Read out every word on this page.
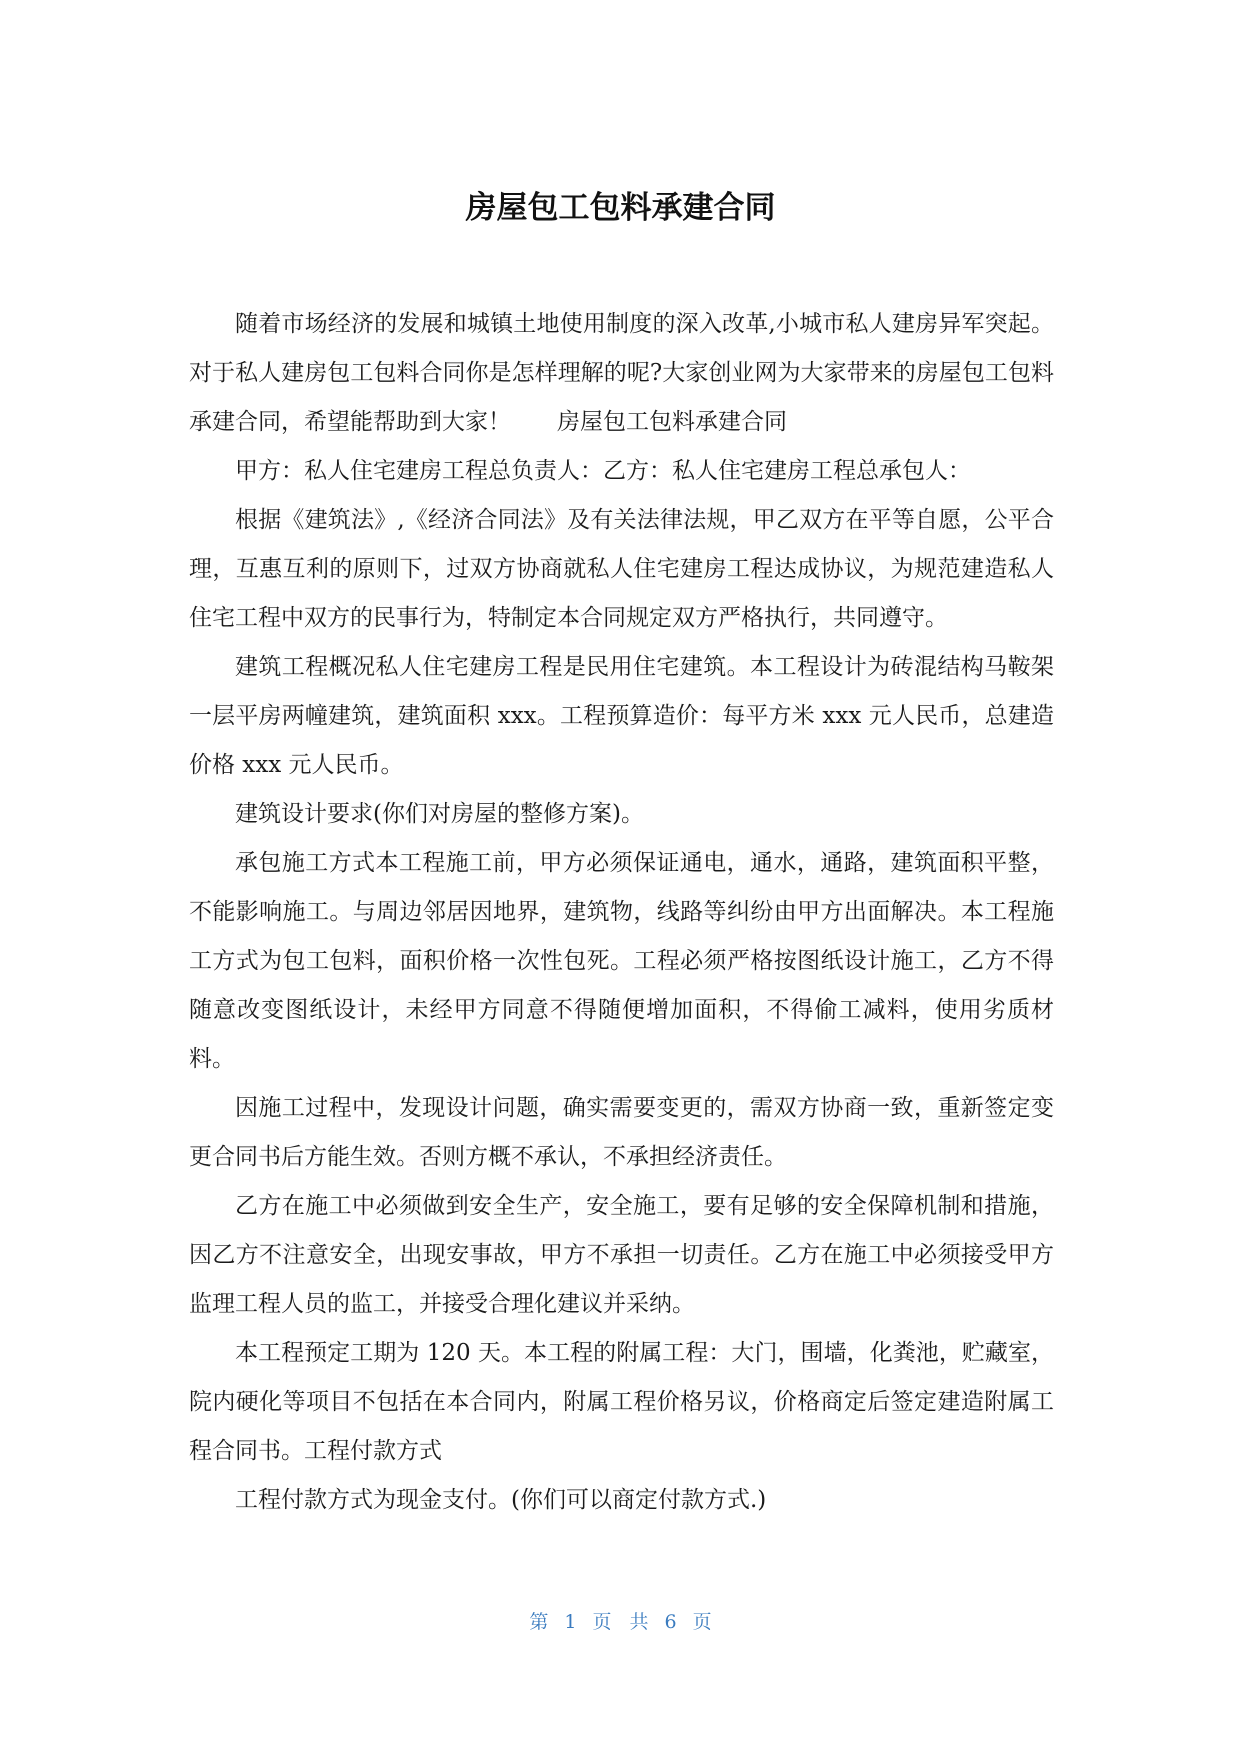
房屋包工包料承建合同

随着市场经济的发展和城镇土地使用制度的深入改革,小城市私人建房异军突起。对于私人建房包工包料合同你是怎样理解的呢?大家创业网为大家带来的房屋包工包料承建合同，希望能帮助到大家！　　房屋包工包料承建合同

甲方：私人住宅建房工程总负责人：乙方：私人住宅建房工程总承包人：

根据《建筑法》,《经济合同法》及有关法律法规，甲乙双方在平等自愿，公平合理，互惠互利的原则下，过双方协商就私人住宅建房工程达成协议，为规范建造私人住宅工程中双方的民事行为，特制定本合同规定双方严格执行，共同遵守。

建筑工程概况私人住宅建房工程是民用住宅建筑。本工程设计为砖混结构马鞍架一层平房两幢建筑，建筑面积 xxx。工程预算造价：每平方米 xxx 元人民币，总建造价格 xxx 元人民币。

建筑设计要求(你们对房屋的整修方案)。

承包施工方式本工程施工前，甲方必须保证通电，通水，通路，建筑面积平整，不能影响施工。与周边邻居因地界，建筑物，线路等纠纷由甲方出面解决。本工程施工方式为包工包料，面积价格一次性包死。工程必须严格按图纸设计施工，乙方不得随意改变图纸设计，未经甲方同意不得随便增加面积，不得偷工减料，使用劣质材料。

因施工过程中，发现设计问题，确实需要变更的，需双方协商一致，重新签定变更合同书后方能生效。否则方概不承认，不承担经济责任。

乙方在施工中必须做到安全生产，安全施工，要有足够的安全保障机制和措施，因乙方不注意安全，出现安事故，甲方不承担一切责任。乙方在施工中必须接受甲方监理工程人员的监工，并接受合理化建议并采纳。

本工程预定工期为 120 天。本工程的附属工程：大门，围墙，化粪池，贮藏室，院内硬化等项目不包括在本合同内，附属工程价格另议，价格商定后签定建造附属工程合同书。工程付款方式

工程付款方式为现金支付。(你们可以商定付款方式.)

第 1 页 共 6 页
